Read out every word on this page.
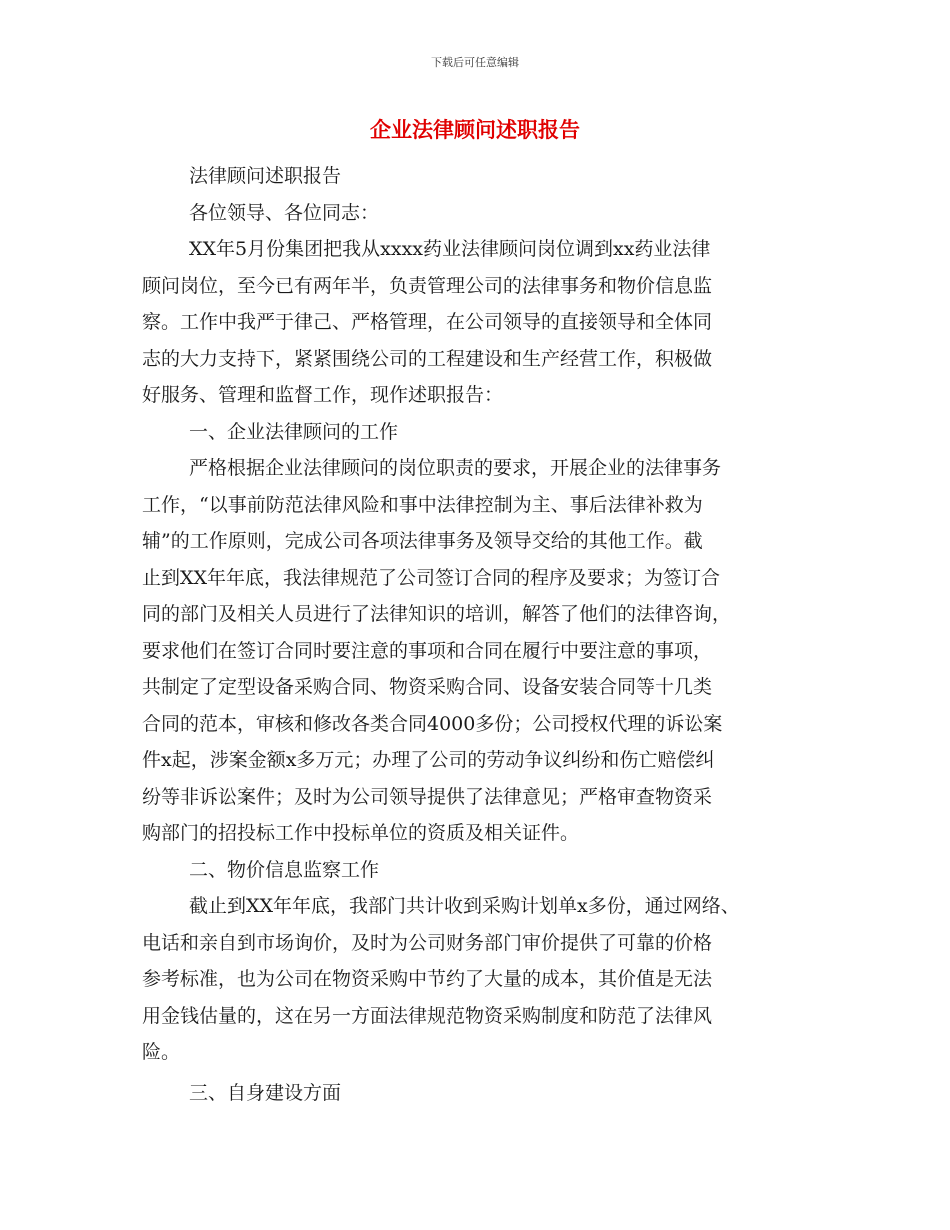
下载后可任意编辑
企业法律顾问述职报告
法律顾问述职报告
各位领导、各位同志：
XX年5月份集团把我从xxxx药业法律顾问岗位调到xx药业法律
顾问岗位，至今已有两年半，负责管理公司的法律事务和物价信息监
察。工作中我严于律己、严格管理，在公司领导的直接领导和全体同
志的大力支持下，紧紧围绕公司的工程建设和生产经营工作，积极做
好服务、管理和监督工作，现作述职报告：
一、企业法律顾问的工作
严格根据企业法律顾问的岗位职责的要求，开展企业的法律事务
工作，“以事前防范法律风险和事中法律控制为主、事后法律补救为
辅”的工作原则，完成公司各项法律事务及领导交给的其他工作。截
止到XX年年底，我法律规范了公司签订合同的程序及要求；为签订合
同的部门及相关人员进行了法律知识的培训，解答了他们的法律咨询，
要求他们在签订合同时要注意的事项和合同在履行中要注意的事项，
共制定了定型设备采购合同、物资采购合同、设备安装合同等十几类
合同的范本，审核和修改各类合同4000多份；公司授权代理的诉讼案
件x起，涉案金额x多万元；办理了公司的劳动争议纠纷和伤亡赔偿纠
纷等非诉讼案件；及时为公司领导提供了法律意见；严格审查物资采
购部门的招投标工作中投标单位的资质及相关证件。
二、物价信息监察工作
截止到XX年年底，我部门共计收到采购计划单x多份，通过网络、
电话和亲自到市场询价，及时为公司财务部门审价提供了可靠的价格
参考标准，也为公司在物资采购中节约了大量的成本，其价值是无法
用金钱估量的，这在另一方面法律规范物资采购制度和防范了法律风
险。
三、自身建设方面
